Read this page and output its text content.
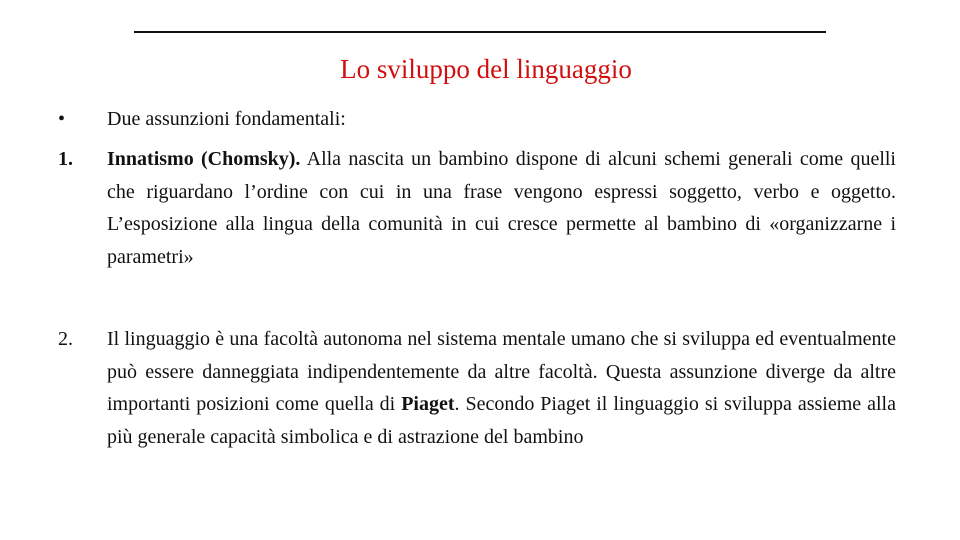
Lo sviluppo del linguaggio
•	Due assunzioni fondamentali:
1.	Innatismo (Chomsky). Alla nascita un bambino dispone di alcuni schemi generali come quelli che riguardano l’ordine con cui in una frase vengono espressi soggetto, verbo e oggetto. L’esposizione alla lingua della comunità in cui cresce permette al bambino di «organizzarne i parametri»
2.	Il linguaggio è una facoltà autonoma nel sistema mentale umano che si sviluppa ed eventualmente può essere danneggiata indipendentemente da altre facoltà. Questa assunzione diverge da altre importanti posizioni come quella di Piaget. Secondo Piaget il linguaggio si sviluppa assieme alla più generale capacità simbolica e di astrazione del bambino
